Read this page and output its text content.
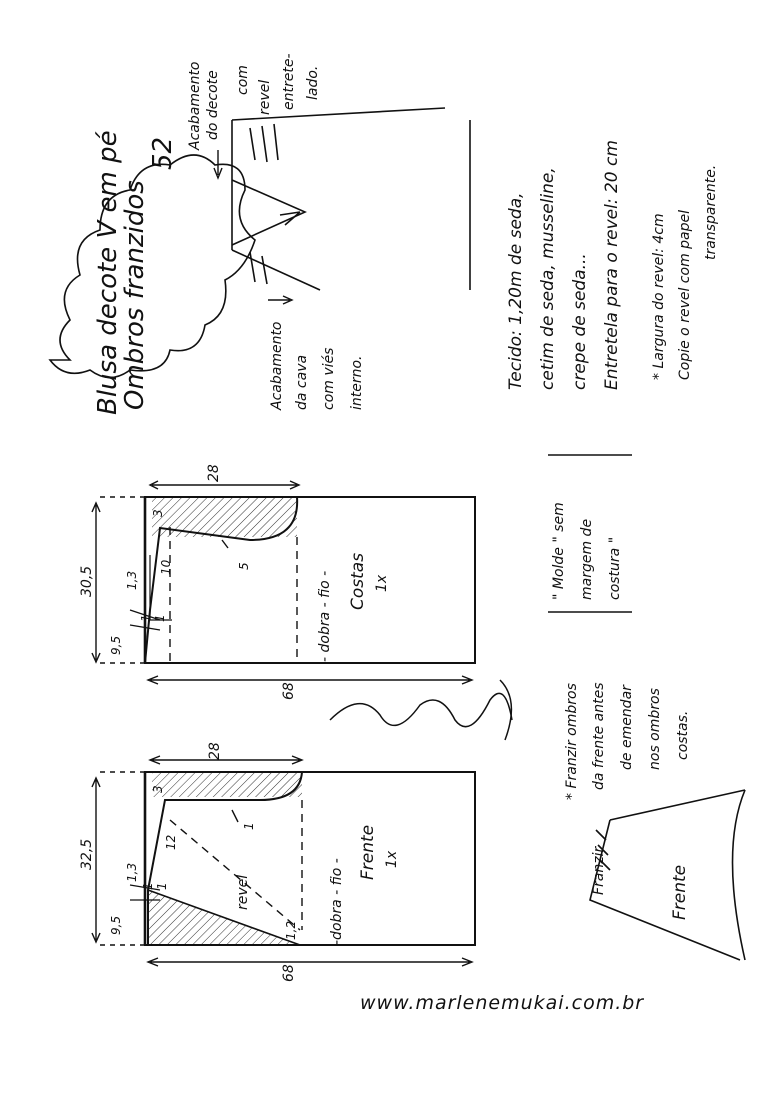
Blusa decote V em pé
Ombros franzidos
52
Acabamento do decote com revel entrete- lado.
Acabamento da cava com viés interno.	Tecido: 1,20m de seda, cetim de seda, musseline, crepe de seda... Entretela para o revel: 20 cm * Largura do revel: 4cm Copie o revel com papel transparente.
" Molde " sem margem de costura "
* Franzir ombros da frente antes de emendar nos ombros costas.
Costas 1x
- dobra - fio -
28
68
30,5
9,5
3
10	5
1,3
1 1
Frente 1x
-dobra - fio -
revel
28
68
32,5
9,5
3
12
1
1,3
1 1
1,2
Franzir	Frente
www.marlenemukai.com.br
